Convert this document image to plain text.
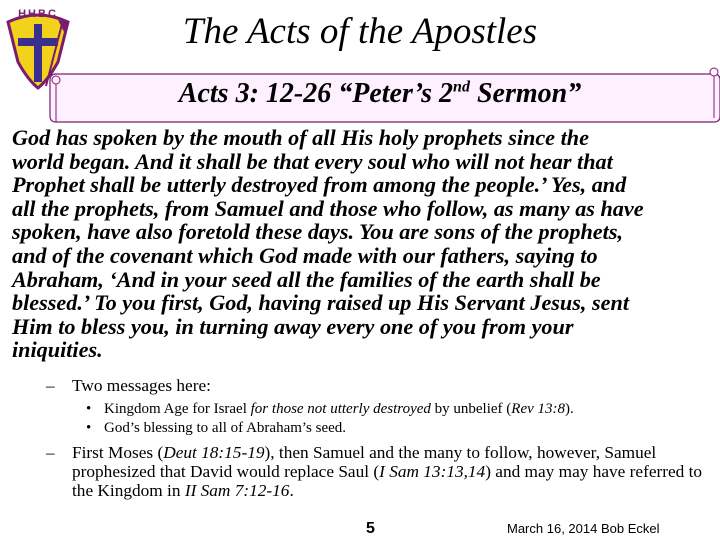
HHBC	The Acts of the Apostles
Acts 3: 12-26 “Peter’s 2nd Sermon”
God has spoken by the mouth of all His holy prophets since the
world began. And it shall be that every soul who will not hear that
Prophet shall be utterly destroyed from among the people.’ Yes, and
all the prophets, from Samuel and those who follow, as many as have
spoken, have also foretold these days. You are sons of the prophets,
and of the covenant which God made with our fathers, saying to
Abraham, ‘And in your seed all the families of the earth shall be
blessed.’ To you first, God, having raised up His Servant Jesus, sent
Him to bless you, in turning away every one of you from your
iniquities.
– Two messages here:
• Kingdom Age for Israel for those not utterly destroyed by unbelief (Rev 13:8).
• God’s blessing to all of Abraham’s seed.
– First Moses (Deut 18:15-19), then Samuel and the many to follow, however, Samuel prophesized that David would replace Saul (I Sam 13:13,14) and may may have referred to the Kingdom in II Sam 7:12-16.
5	March 16, 2014 Bob Eckel
